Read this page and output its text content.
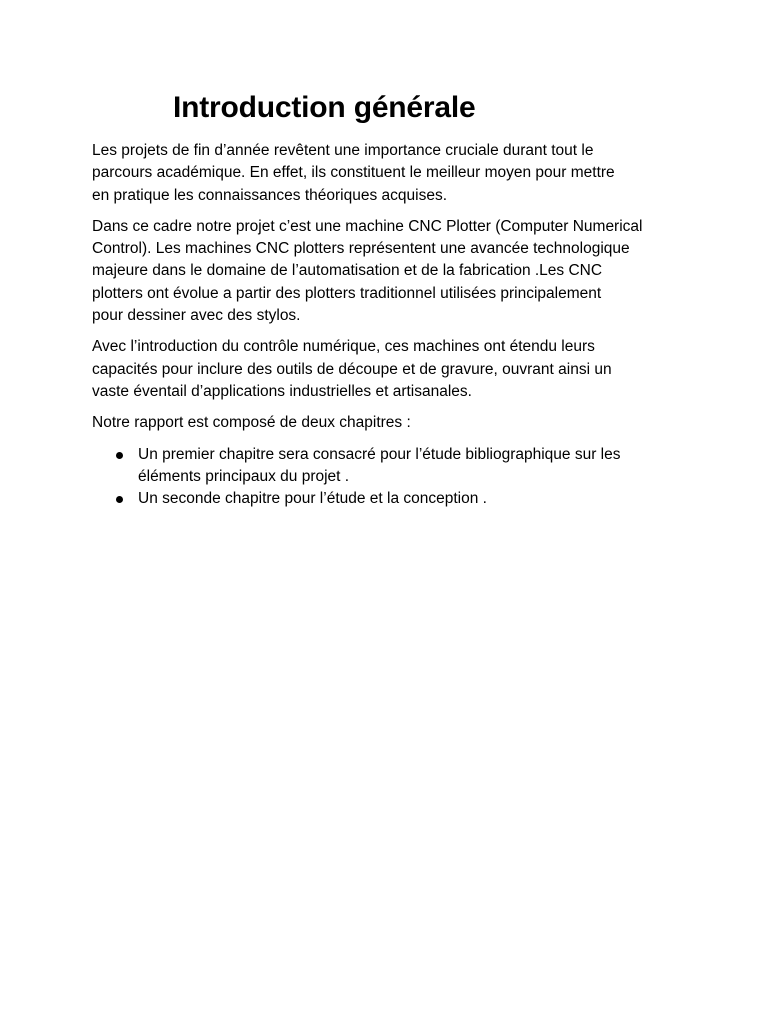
Introduction générale

Les projets de fin d’année revêtent une importance cruciale durant tout le
parcours académique. En effet, ils constituent le meilleur moyen pour mettre
en pratique les connaissances théoriques acquises.

Dans ce cadre notre projet c’est une machine CNC Plotter (Computer Numerical
Control). Les machines CNC plotters représentent une avancée technologique
majeure dans le domaine de l’automatisation et de la fabrication .Les CNC
plotters ont évolue a partir des plotters traditionnel utilisées principalement
pour dessiner avec des stylos.

Avec l’introduction du contrôle numérique, ces machines ont étendu leurs
capacités pour inclure des outils de découpe et de gravure, ouvrant ainsi un
vaste éventail d’applications industrielles et artisanales.

Notre rapport est composé de deux chapitres :

Un premier chapitre sera consacré pour l’étude bibliographique sur les
éléments principaux du projet .
Un seconde chapitre pour l’étude et la conception .
